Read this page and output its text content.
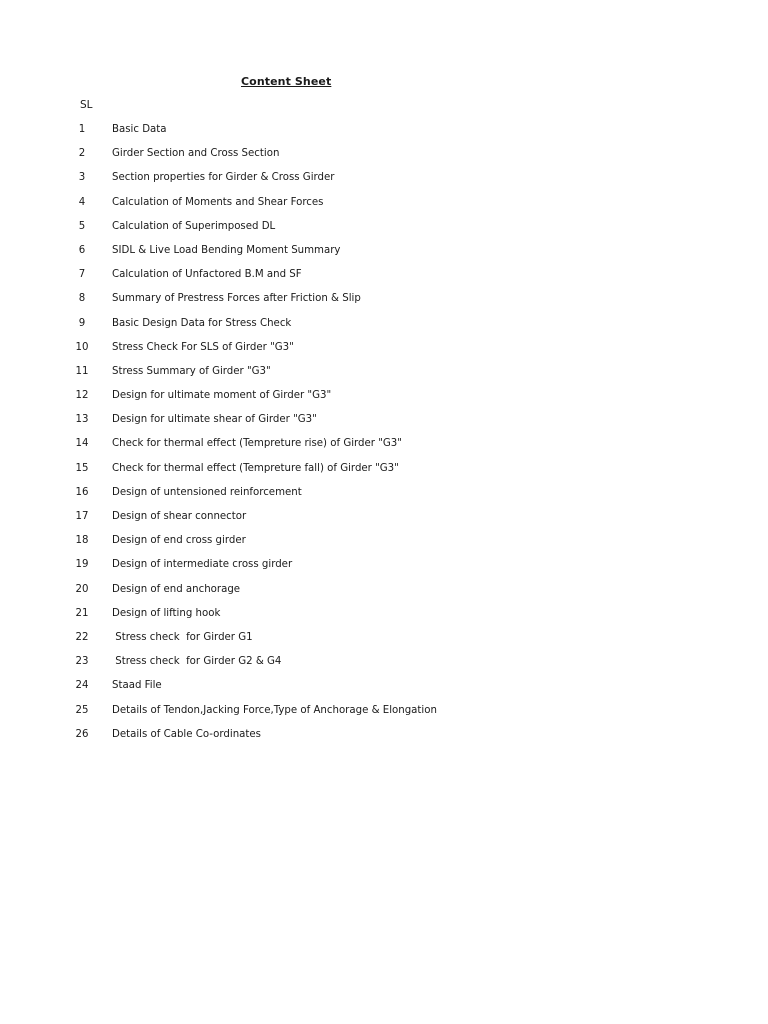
Content Sheet
SL
1	Basic Data
2	Girder Section and Cross Section
3	Section properties for Girder & Cross Girder
4	Calculation of Moments and Shear Forces
5	Calculation of Superimposed DL
6	SIDL & Live Load Bending Moment Summary
7	Calculation of Unfactored B.M and SF
8	Summary of Prestress Forces after Friction & Slip
9	Basic Design Data for Stress Check
10	Stress Check For SLS of Girder "G3"
11	Stress Summary of Girder "G3"
12	Design for ultimate moment of Girder "G3"
13	Design for ultimate shear of Girder "G3"
14	Check for thermal effect (Tempreture rise) of Girder "G3"
15	Check for thermal effect (Tempreture fall) of Girder "G3"
16	Design of untensioned reinforcement
17	Design of shear connector
18	Design of end cross girder
19	Design of intermediate cross girder
20	Design of end anchorage
21	Design of lifting hook
22	Stress check  for Girder G1
23	Stress check  for Girder G2 & G4
24	Staad File
25	Details of Tendon,Jacking Force,Type of Anchorage & Elongation
26	Details of Cable Co-ordinates
